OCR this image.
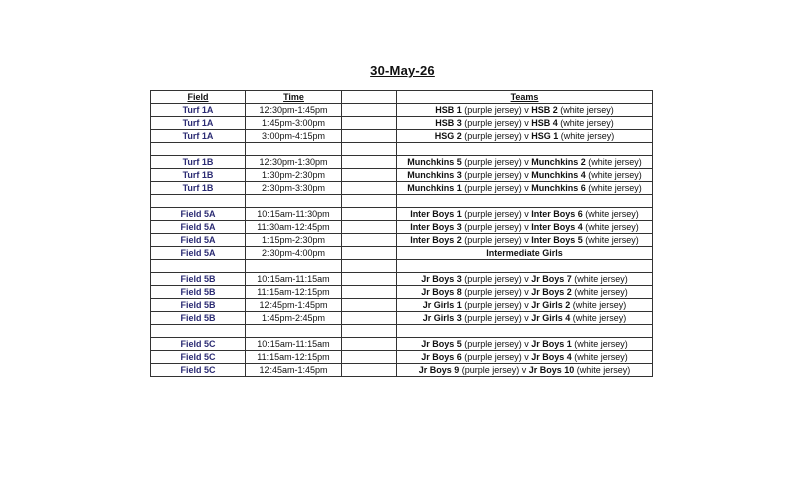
30-May-26
Field	Time		Teams
Turf 1A	12:30pm-1:45pm		HSB 1 (purple jersey) v HSB 2 (white jersey)
Turf 1A	1:45pm-3:00pm		HSB 3 (purple jersey) v HSB 4 (white jersey)
Turf 1A	3:00pm-4:15pm		HSG 2 (purple jersey) v HSG 1 (white jersey)

Turf 1B	12:30pm-1:30pm		Munchkins 5 (purple jersey) v Munchkins 2 (white jersey)
Turf 1B	1:30pm-2:30pm		Munchkins 3 (purple jersey) v Munchkins 4 (white jersey)
Turf 1B	2:30pm-3:30pm		Munchkins 1 (purple jersey) v Munchkins 6 (white jersey)

Field 5A	10:15am-11:30pm		Inter Boys 1 (purple jersey) v Inter Boys 6 (white jersey)
Field 5A	11:30am-12:45pm		Inter Boys 3 (purple jersey) v Inter Boys 4 (white jersey)
Field 5A	1:15pm-2:30pm		Inter Boys 2 (purple jersey) v Inter Boys 5 (white jersey)
Field 5A	2:30pm-4:00pm		Intermediate Girls

Field 5B	10:15am-11:15am		Jr Boys 3 (purple jersey) v Jr Boys 7 (white jersey)
Field 5B	11:15am-12:15pm		Jr Boys 8 (purple jersey) v Jr Boys 2 (white jersey)
Field 5B	12:45pm-1:45pm		Jr Girls 1 (purple jersey) v Jr Girls 2 (white jersey)
Field 5B	1:45pm-2:45pm		Jr Girls 3 (purple jersey) v Jr Girls 4 (white jersey)

Field 5C	10:15am-11:15am		Jr Boys 5 (purple jersey) v Jr Boys 1 (white jersey)
Field 5C	11:15am-12:15pm		Jr Boys 6 (purple jersey) v Jr Boys 4 (white jersey)
Field 5C	12:45am-1:45pm		Jr Boys 9 (purple jersey) v Jr Boys 10 (white jersey)
